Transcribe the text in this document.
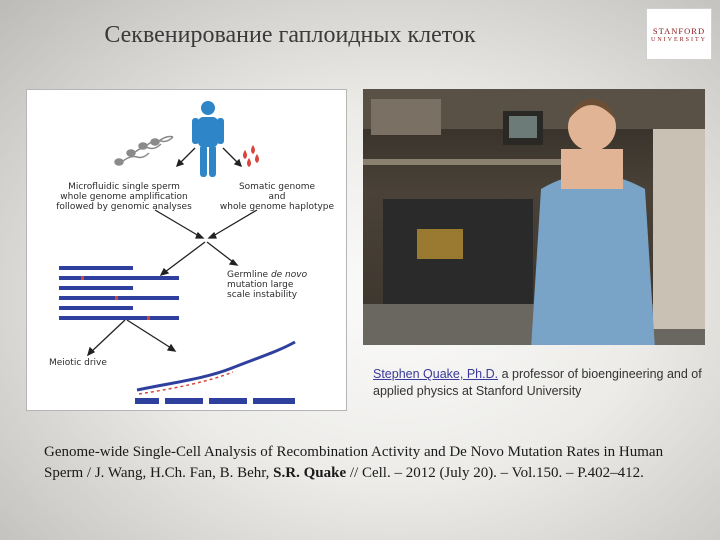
Секвенирование гаплоидных клеток	STANFORD
UNIVERSITY
Microfluidic single sperm
whole genome amplification
followed by genomic analyses
Somatic genome
and
whole genome haplotype
Germline de novo
mutation large
scale instability
Meiotic drive
Stephen Quake, Ph.D. a professor of bioengineering and of applied physics at Stanford University
Genome-wide Single-Cell Analysis of Recombination Activity and De Novo Mutation Rates in Human Sperm / J. Wang, H.Ch. Fan, B. Behr, S.R. Quake // Cell. – 2012 (July 20). – Vol.150. – P.402–412.
